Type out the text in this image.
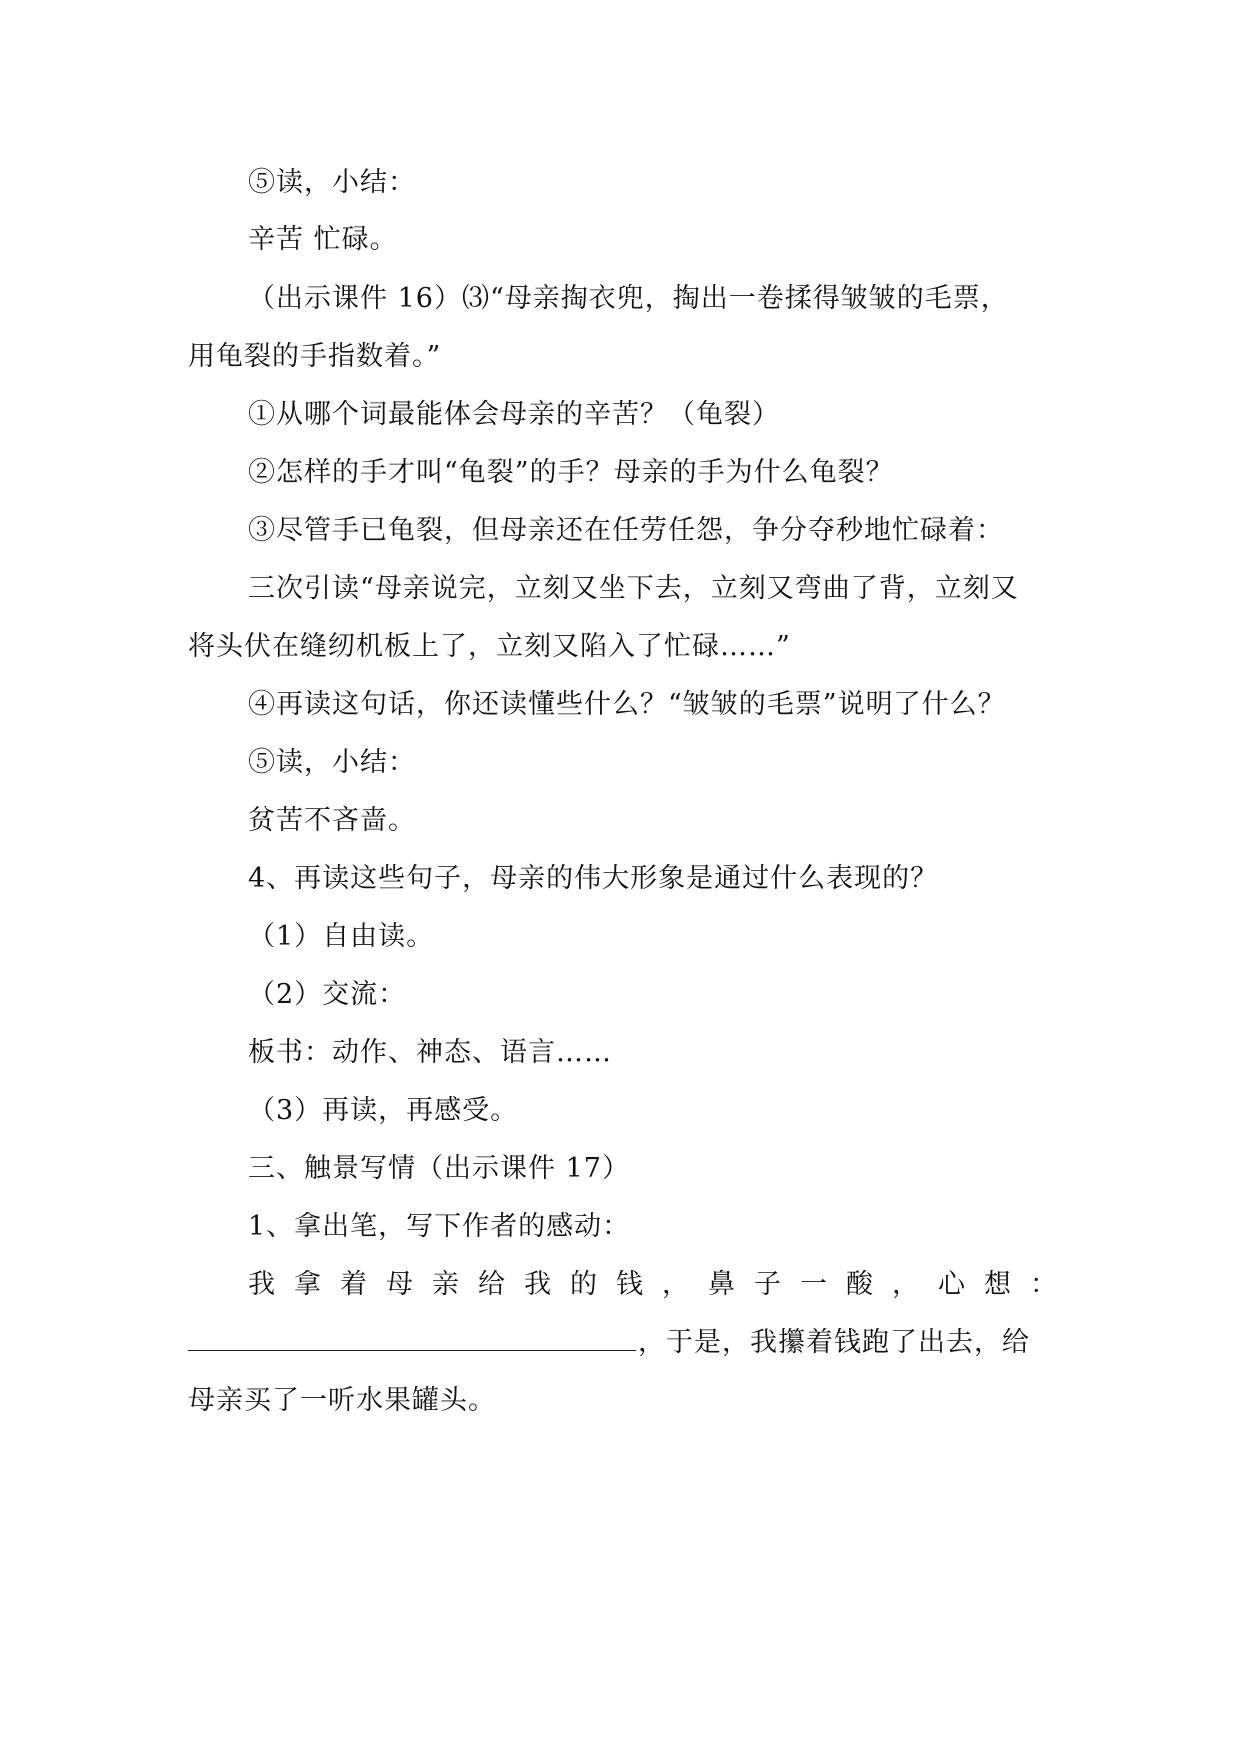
⑤读，小结：

辛苦 忙碌。

（出示课件 16）⑶“母亲掏衣兜，掏出一卷揉得皱皱的毛票，

用龟裂的手指数着。”

①从哪个词最能体会母亲的辛苦？（龟裂）

②怎样的手才叫“龟裂”的手？母亲的手为什么龟裂？

③尽管手已龟裂，但母亲还在任劳任怨，争分夺秒地忙碌着：

三次引读“母亲说完，立刻又坐下去，立刻又弯曲了背，立刻又

将头伏在缝纫机板上了，立刻又陷入了忙碌……”

④再读这句话，你还读懂些什么？“皱皱的毛票”说明了什么？

⑤读，小结：

贫苦不吝啬。

4、再读这些句子，母亲的伟大形象是通过什么表现的？

（1）自由读。

（2）交流：

板书：动作、神态、语言……

（3）再读，再感受。

三、触景写情（出示课件 17）

1、拿出笔，写下作者的感动：

我 拿 着 母 亲 给 我 的 钱 ， 鼻 子 一 酸 ， 心 想 ：

，于是，我攥着钱跑了出去，给

母亲买了一听水果罐头。
